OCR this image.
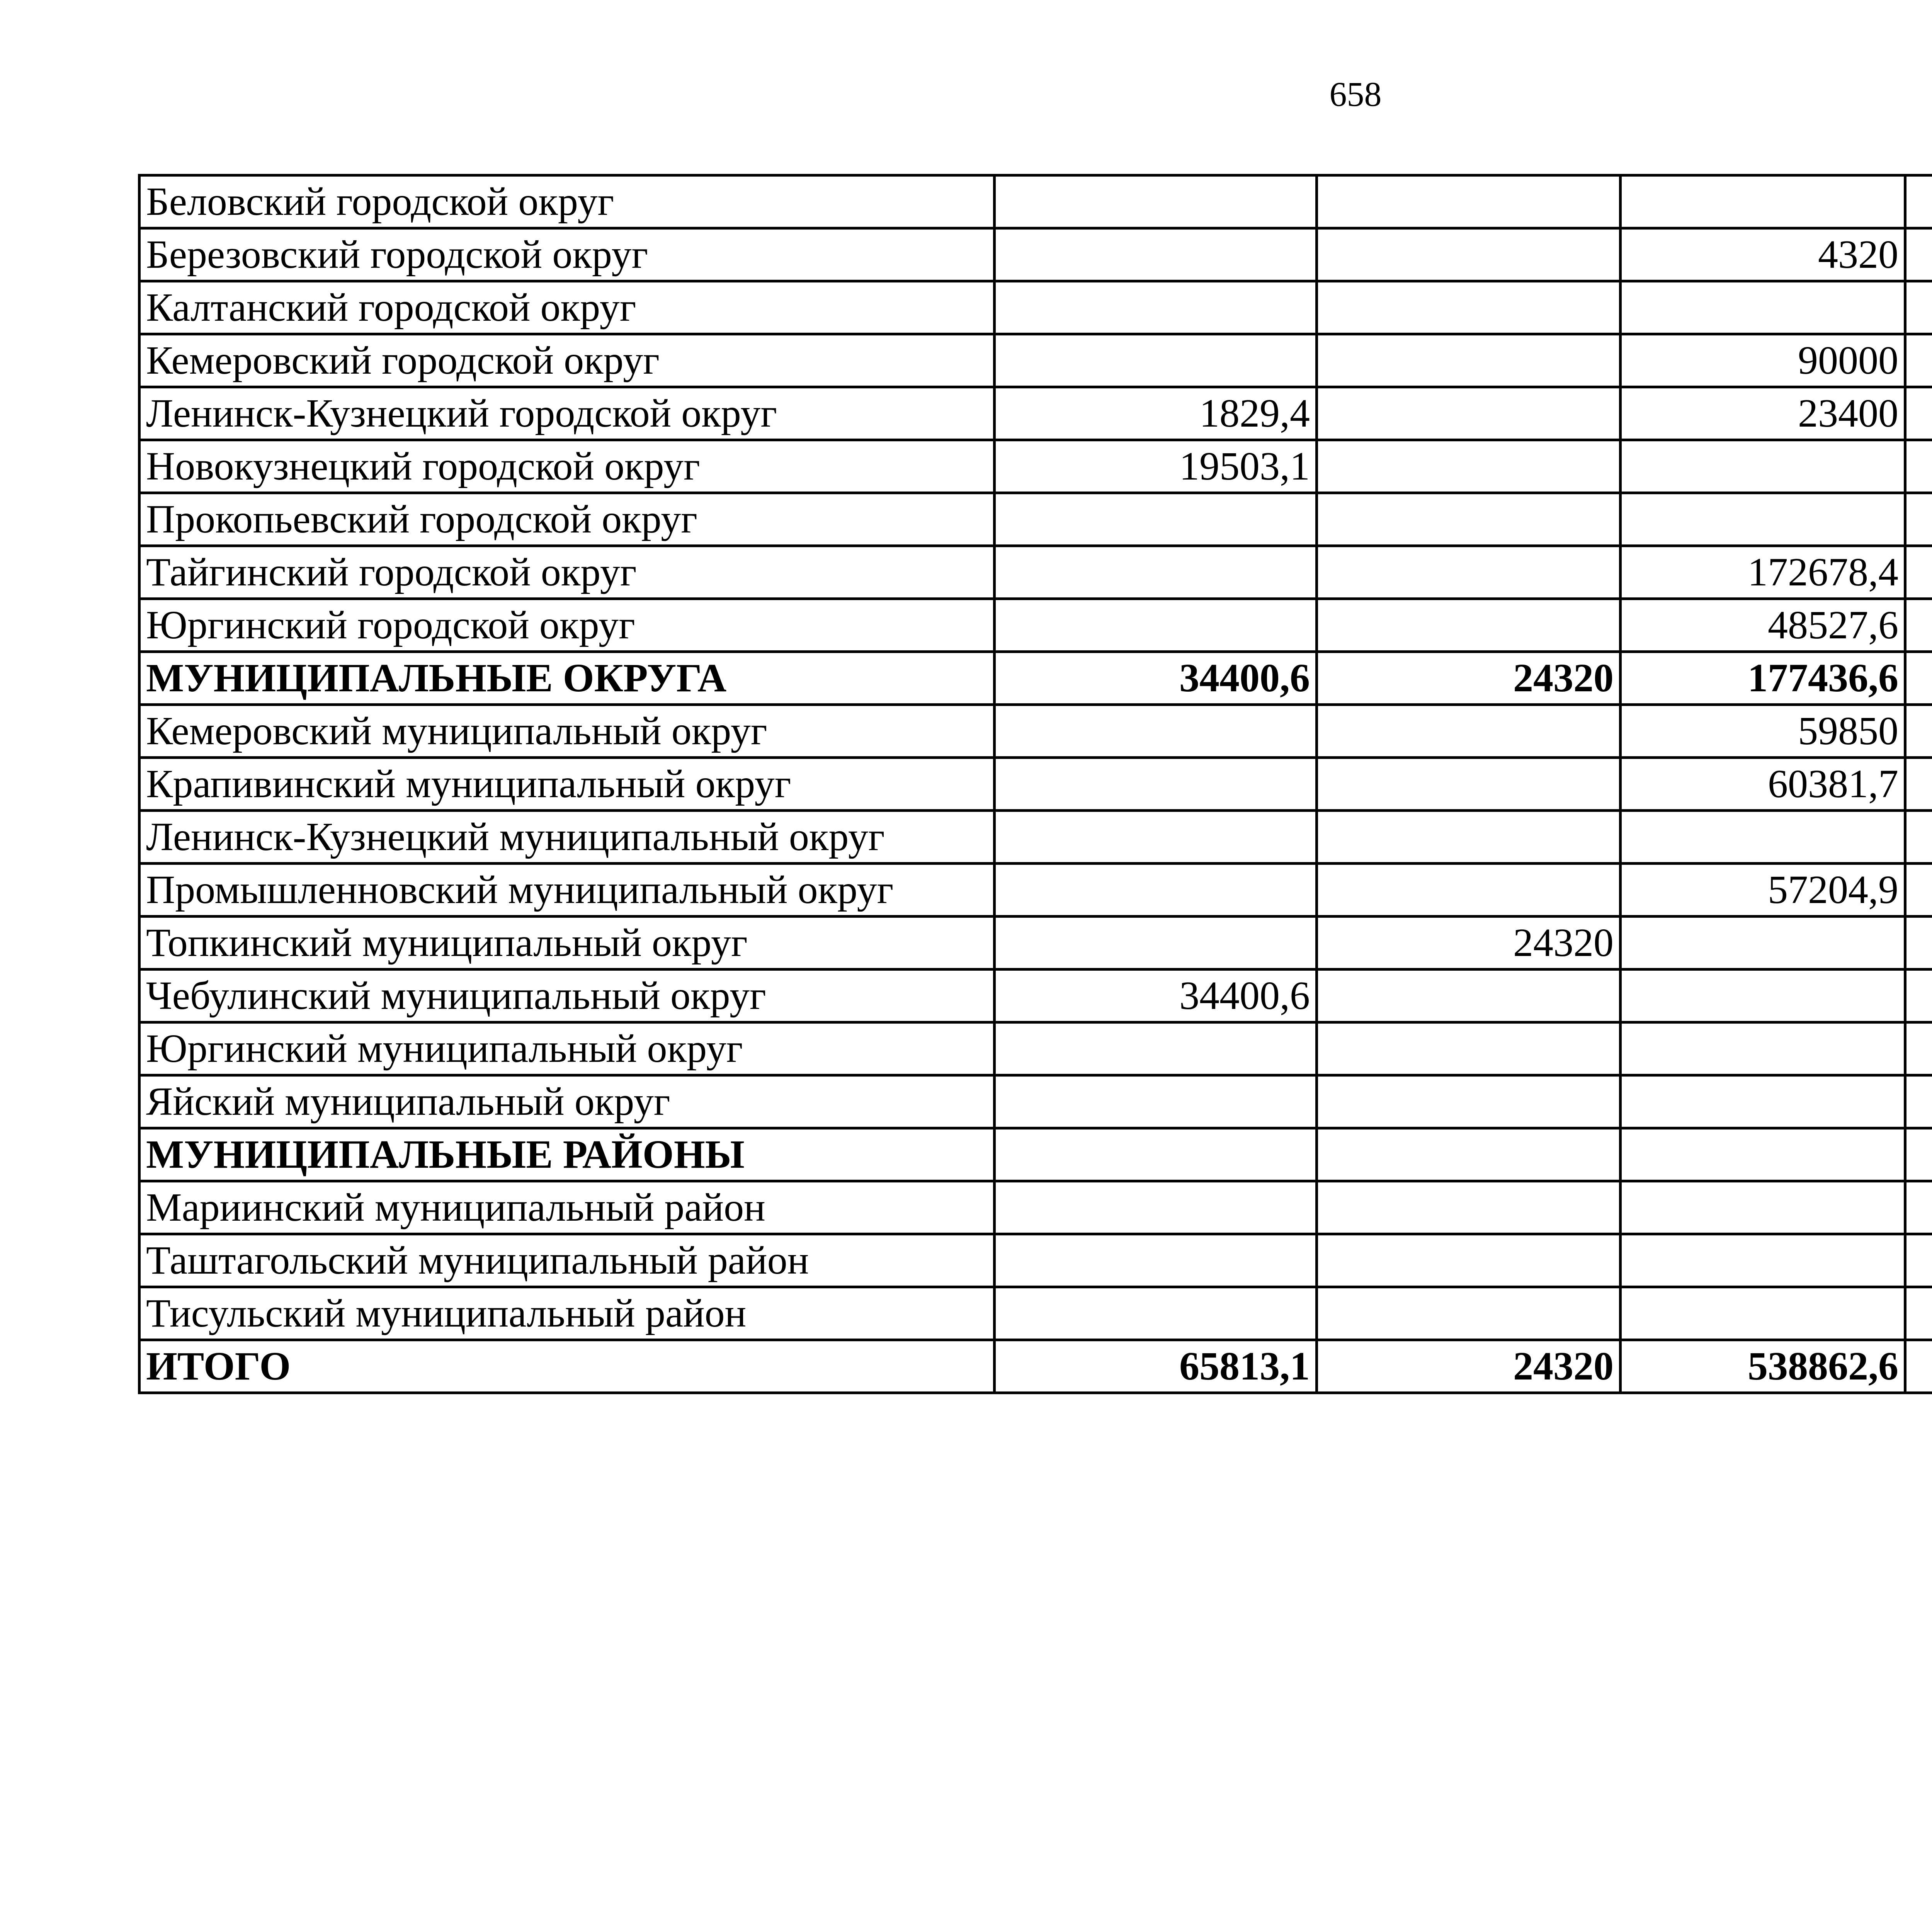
658
Беловский городской округ					
Березовский городской округ			4320		
Калтанский городской округ					
Кемеровский городской округ			90000		
Ленинск-Кузнецкий городской округ	1829,4		23400		
Новокузнецкий городской округ	19503,1				
Прокопьевский городской округ					
Тайгинский городской округ			172678,4		
Юргинский городской округ			48527,6		
МУНИЦИПАЛЬНЫЕ ОКРУГА	34400,6	24320	177436,6		
Кемеровский муниципальный округ			59850		
Крапивинский муниципальный округ			60381,7		
Ленинск-Кузнецкий муниципальный округ					
Промышленновский муниципальный округ			57204,9		
Топкинский муниципальный округ		24320			
Чебулинский муниципальный округ	34400,6				
Юргинский муниципальный округ					
Яйский муниципальный округ					
МУНИЦИПАЛЬНЫЕ РАЙОНЫ					
Мариинский муниципальный район					
Таштагольский муниципальный район					
Тисульский муниципальный район					
ИТОГО	65813,1	24320	538862,6		
